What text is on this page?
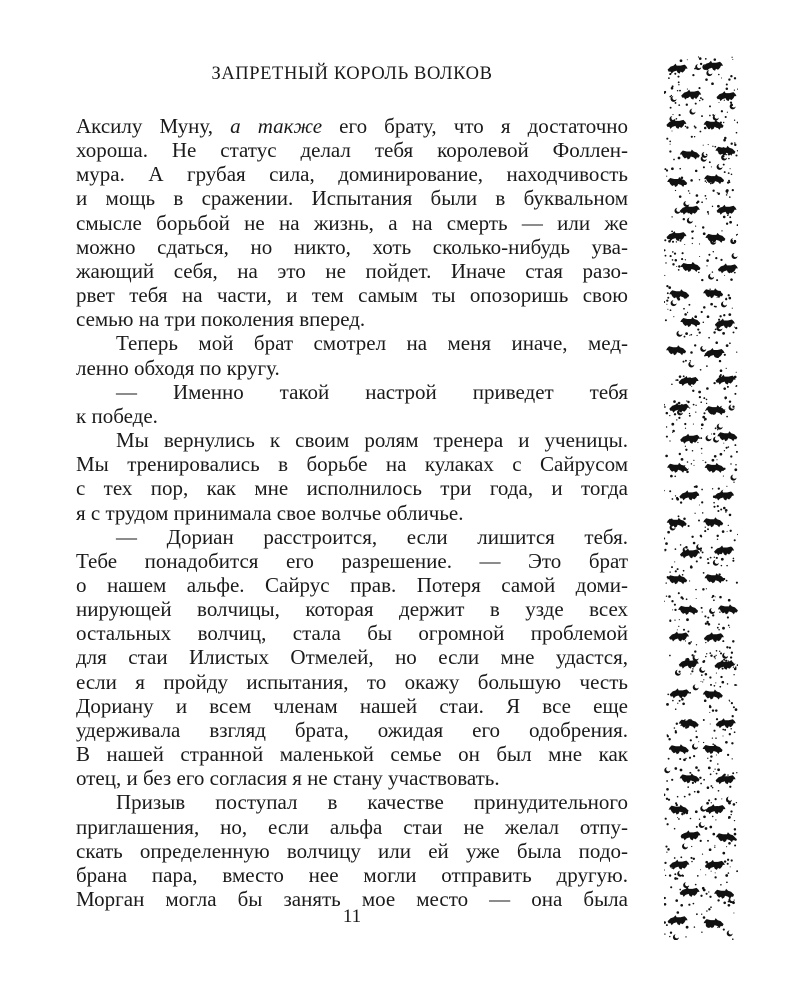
ЗАПРЕТНЫЙ КОРОЛЬ ВОЛКОВ

Аксилу Муну, а также его брату, что я достаточно

хороша. Не статус делал тебя королевой Фоллен-

мура. А грубая сила, доминирование, находчивость

и мощь в сражении. Испытания были в буквальном

смысле борьбой не на жизнь, а на смерть — или же

можно сдаться, но никто, хоть сколько-нибудь ува-

жающий себя, на это не пойдет. Иначе стая разо-

рвет тебя на части, и тем самым ты опозоришь свою

семью на три поколения вперед.

Теперь мой брат смотрел на меня иначе, мед-

ленно обходя по кругу.

— Именно такой настрой приведет тебя

к победе.

Мы вернулись к своим ролям тренера и ученицы.

Мы тренировались в борьбе на кулаках с Сайрусом

с тех пор, как мне исполнилось три года, и тогда

я с трудом принимала свое волчье обличье.

— Дориан расстроится, если лишится тебя.

Тебе понадобится его разрешение. — Это брат

о нашем альфе. Сайрус прав. Потеря самой доми-

нирующей волчицы, которая держит в узде всех

остальных волчиц, стала бы огромной проблемой

для стаи Илистых Отмелей, но если мне удастся,

если я пройду испытания, то окажу большую честь

Дориану и всем членам нашей стаи. Я все еще

удерживала взгляд брата, ожидая его одобрения.

В нашей странной маленькой семье он был мне как

отец, и без его согласия я не стану участвовать.

Призыв поступал в качестве принудительного

приглашения, но, если альфа стаи не желал отпу-

скать определенную волчицу или ей уже была подо-

брана пара, вместо нее могли отправить другую.

Морган могла бы занять мое место — она была

11
